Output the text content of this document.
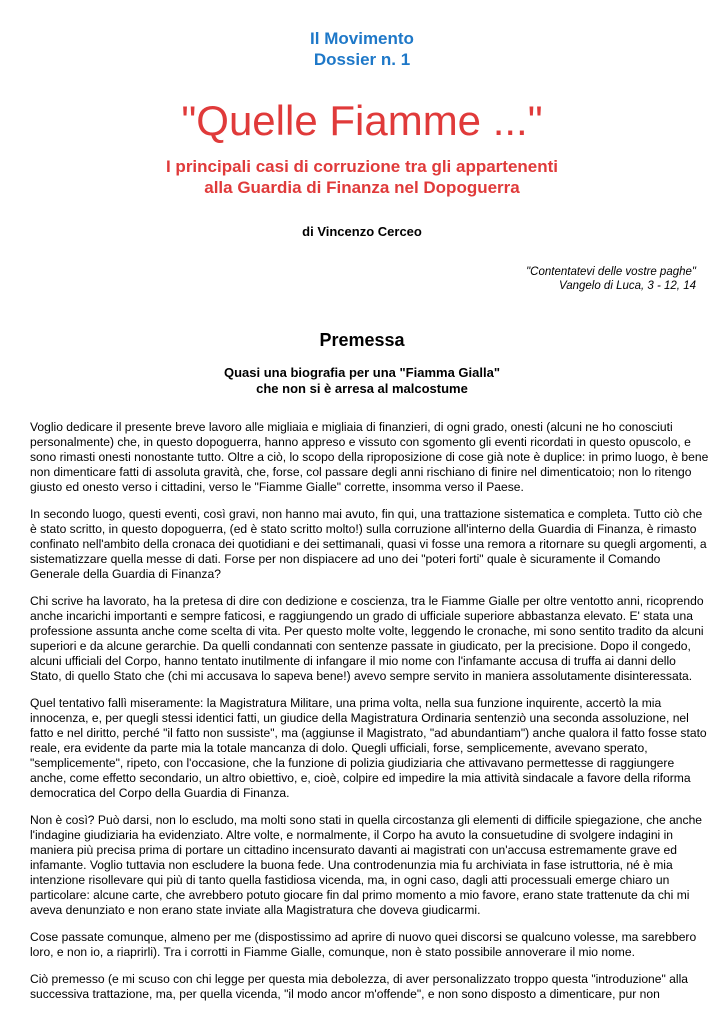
Il Movimento
Dossier n. 1
"Quelle Fiamme ..."
I principali casi di corruzione tra gli appartenenti
alla Guardia di Finanza nel Dopoguerra
di Vincenzo Cerceo
"Contentatevi delle vostre paghe"
Vangelo di Luca, 3 - 12, 14
Premessa
Quasi una biografia per una "Fiamma Gialla"
che non si è arresa al malcostume

Voglio dedicare il presente breve lavoro alle migliaia e migliaia di finanzieri, di ogni grado, onesti (alcuni ne ho conosciuti personalmente) che, in questo dopoguerra, hanno appreso e vissuto con sgomento gli eventi ricordati in questo opuscolo, e sono rimasti onesti nonostante tutto. Oltre a ciò, lo scopo della riproposizione di cose già note è duplice: in primo luogo, è bene non dimenticare fatti di assoluta gravità, che, forse, col passare degli anni rischiano di finire nel dimenticatoio; non lo ritengo giusto ed onesto verso i cittadini, verso le "Fiamme Gialle" corrette, insomma verso il Paese.

In secondo luogo, questi eventi, così gravi, non hanno mai avuto, fin qui, una trattazione sistematica e completa. Tutto ciò che è stato scritto, in questo dopoguerra, (ed è stato scritto molto!) sulla corruzione all'interno della Guardia di Finanza, è rimasto confinato nell'ambito della cronaca dei quotidiani e dei settimanali, quasi vi fosse una remora a ritornare su quegli argomenti, a sistematizzare quella messe di dati. Forse per non dispiacere ad uno dei "poteri forti" quale è sicuramente il Comando Generale della Guardia di Finanza?

Chi scrive ha lavorato, ha la pretesa di dire con dedizione e coscienza, tra le Fiamme Gialle per oltre ventotto anni, ricoprendo anche incarichi importanti e sempre faticosi, e raggiungendo un grado di ufficiale superiore abbastanza elevato. E' stata una professione assunta anche come scelta di vita. Per questo molte volte, leggendo le cronache, mi sono sentito tradito da alcuni superiori e da alcune gerarchie. Da quelli condannati con sentenze passate in giudicato, per la precisione. Dopo il congedo, alcuni ufficiali del Corpo, hanno tentato inutilmente di infangare il mio nome con l'infamante accusa di truffa ai danni dello Stato, di quello Stato che (chi mi accusava lo sapeva bene!) avevo sempre servito in maniera assolutamente disinteressata.

Quel tentativo fallì miseramente: la Magistratura Militare, una prima volta, nella sua funzione inquirente, accertò la mia innocenza, e, per quegli stessi identici fatti, un giudice della Magistratura Ordinaria sentenziò una seconda assoluzione, nel fatto e nel diritto, perché "il fatto non sussiste", ma (aggiunse il Magistrato, "ad abundantiam") anche qualora il fatto fosse stato reale, era evidente da parte mia la totale mancanza di dolo. Quegli ufficiali, forse, semplicemente, avevano sperato, "semplicemente", ripeto, con l'occasione, che la funzione di polizia giudiziaria che attivavano permettesse di raggiungere anche, come effetto secondario, un altro obiettivo, e, cioè, colpire ed impedire la mia attività sindacale a favore della riforma democratica del Corpo della Guardia di Finanza.

Non è così? Può darsi, non lo escludo, ma molti sono stati in quella circostanza gli elementi di difficile spiegazione, che anche l'indagine giudiziaria ha evidenziato. Altre volte, e normalmente, il Corpo ha avuto la consuetudine di svolgere indagini in maniera più precisa prima di portare un cittadino incensurato davanti ai magistrati con un'accusa estremamente grave ed infamante. Voglio tuttavia non escludere la buona fede. Una controdenunzia mia fu archiviata in fase istruttoria, né è mia intenzione risollevare qui più di tanto quella fastidiosa vicenda, ma, in ogni caso, dagli atti processuali emerge chiaro un particolare: alcune carte, che avrebbero potuto giocare fin dal primo momento a mio favore, erano state trattenute da chi mi aveva denunziato e non erano state inviate alla Magistratura che doveva giudicarmi.

Cose passate comunque, almeno per me (dispostissimo ad aprire di nuovo quei discorsi se qualcuno volesse, ma sarebbero loro, e non io, a riaprirli). Tra i corrotti in Fiamme Gialle, comunque, non è stato possibile annoverare il mio nome.

Ciò premesso (e mi scuso con chi legge per questa mia debolezza, di aver personalizzato troppo questa "introduzione" alla successiva trattazione, ma, per quella vicenda, "il modo ancor m'offende", e non sono disposto a dimenticare, pur non
